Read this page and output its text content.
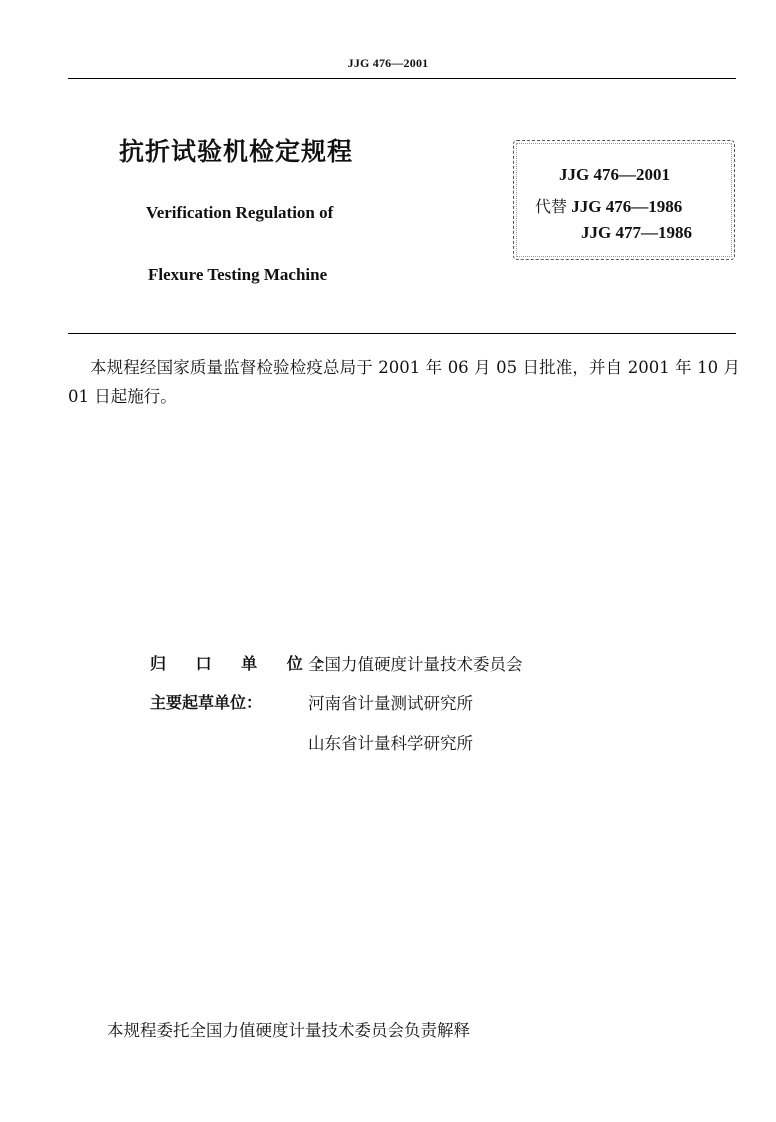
JJG 476—2001
抗折试验机检定规程
Verification Regulation of
Flexure Testing Machine
JJG 476—2001
代替 JJG 476—1986
JJG 477—1986
本规程经国家质量监督检验检疫总局于 2001 年 06 月 05 日批准，并自 2001 年 10 月 01 日起施行。
归 口 单 位：
全国力值硬度计量技术委员会
主要起草单位：	河南省计量测试研究所
山东省计量科学研究所
本规程委托全国力值硬度计量技术委员会负责解释
